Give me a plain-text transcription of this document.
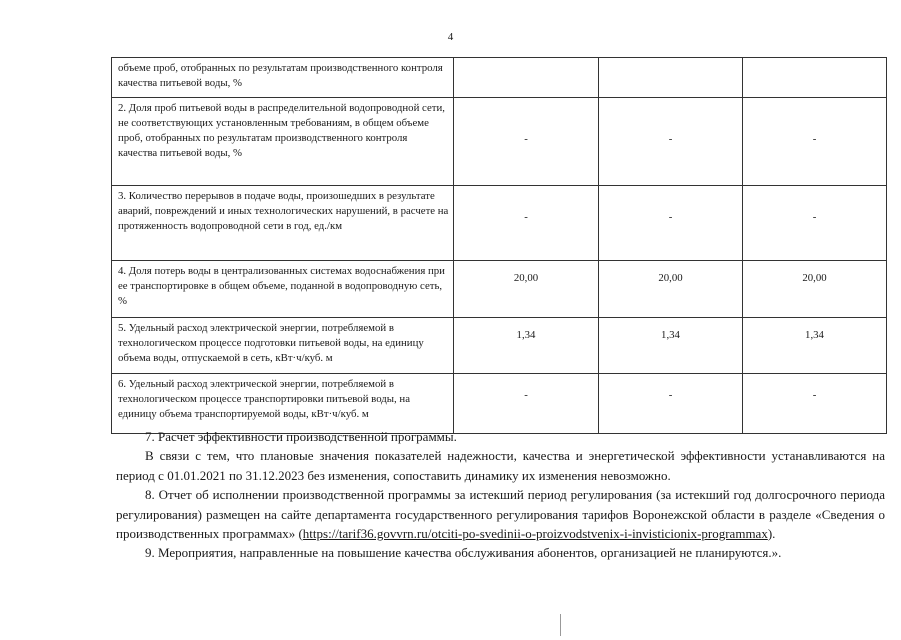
4
объеме проб, отобранных по результатам производственного контроля качества питьевой воды, %			
2. Доля проб питьевой воды в распределительной водопроводной сети, не соответствующих установленным требованиям, в общем объеме проб, отобранных по результатам производственного контроля качества питьевой воды, %	-	-	-
3. Количество перерывов в подаче воды, произошедших в результате аварий, повреждений и иных технологических нарушений, в расчете на протяженность водопроводной сети в год, ед./км	-	-	-
4. Доля потерь воды в централизованных системах водоснабжения при ее транспортировке в общем объеме, поданной в водопроводную сеть, %	20,00	20,00	20,00
5. Удельный расход электрической энергии, потребляемой в технологическом процессе подготовки питьевой воды, на единицу объема воды, отпускаемой в сеть, кВт·ч/куб. м	1,34	1,34	1,34
6. Удельный расход электрической энергии, потребляемой в технологическом процессе транспортировки питьевой воды, на единицу объема транспортируемой воды, кВт·ч/куб. м	-	-	-

7. Расчет эффективности производственной программы.

В связи с тем, что плановые значения показателей надежности, качества и энергетической эффективности устанавливаются на период с 01.01.2021 по 31.12.2023 без изменения, сопоставить динамику их изменения невозможно.

8. Отчет об исполнении производственной программы за истекший период регулирования (за истекший год долгосрочного периода регулирования) размещен на сайте департамента государственного регулирования тарифов Воронежской области в разделе «Сведения о производственных программах» (https://tarif36.govvrn.ru/otciti-po-svedinii-o-proizvodstvenix-i-invisticionix-programmax).

9. Мероприятия, направленные на повышение качества обслуживания абонентов, организацией не планируются.».
